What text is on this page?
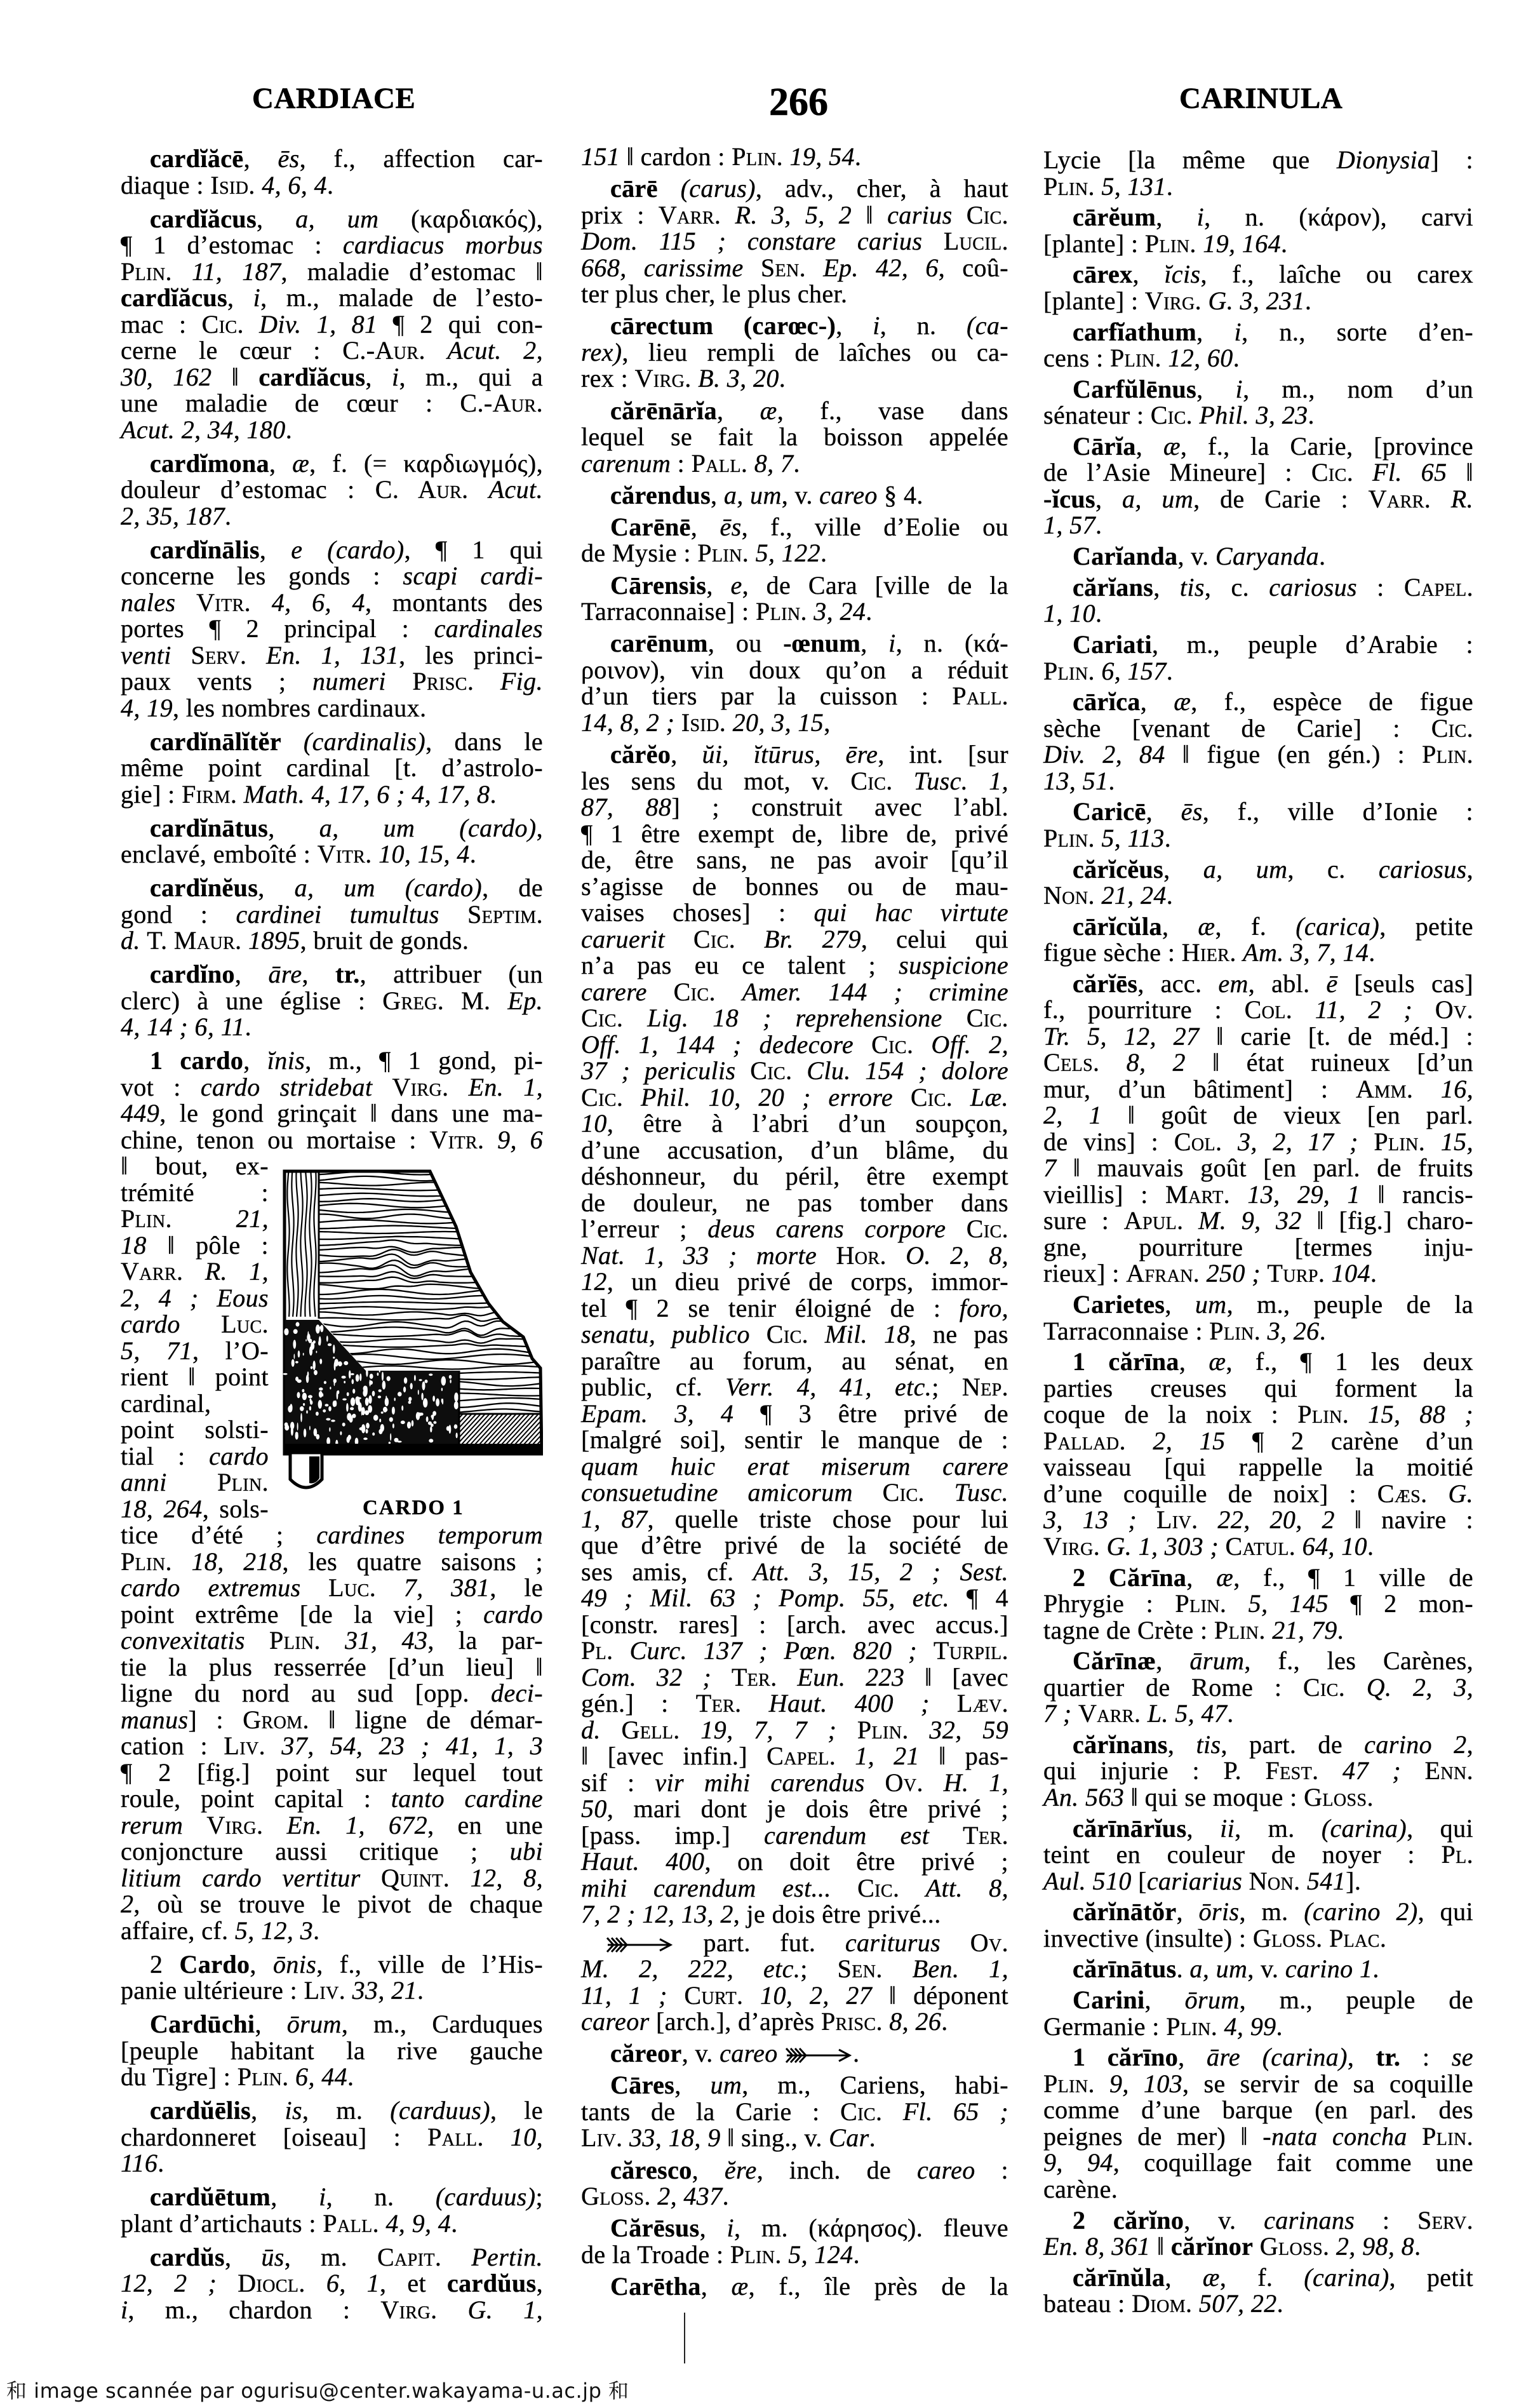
CARDIACE	266	CARINULA
cardĭăcē, ēs, f., affection car-
diaque : Isid. 4, 6, 4.
cardĭăcus, a, um (καρδιακός),
¶ 1 d’estomac : cardiacus morbus
Plin. 11, 187, maladie d’estomac ‖
cardĭăcus, i, m., malade de l’esto-
mac : Cic. Div. 1, 81 ¶ 2 qui con-
cerne le cœur : C.-Aur. Acut. 2,
30, 162 ‖ cardĭăcus, i, m., qui a
une maladie de cœur : C.-Aur.
Acut. 2, 34, 180.
cardĭmona, æ, f. (= καρδιωγμός),
douleur d’estomac : C. Aur. Acut.
2, 35, 187.
cardĭnālis, e (cardo), ¶ 1 qui
concerne les gonds : scapi cardi-
nales Vitr. 4, 6, 4, montants des
portes ¶ 2 principal : cardinales
venti Serv. En. 1, 131, les princi-
paux vents ; numeri Prisc. Fig.
4, 19, les nombres cardinaux.
cardĭnālĭtĕr (cardinalis), dans le
même point cardinal [t. d’astrolo-
gie] : Firm. Math. 4, 17, 6 ; 4, 17, 8.
cardĭnātus, a, um (cardo),
enclavé, emboîté : Vitr. 10, 15, 4.
cardĭnĕus, a, um (cardo), de
gond : cardinei tumultus Septim.
d. T. Maur. 1895, bruit de gonds.
cardĭno, āre, tr., attribuer (un
clerc) à une église : Greg. M. Ep.
4, 14 ; 6, 11.
1 cardo, ĭnis, m., ¶ 1 gond, pi-
vot : cardo stridebat Virg. En. 1,
449, le gond grinçait ‖ dans une ma-
chine, tenon ou mortaise : Vitr. 9, 6
CARDO 1
‖ bout, ex-
trémité :
Plin.	21,
18 ‖ pôle :
Varr. R. 1,
2, 4 ; Eous
cardo Luc.
5, 71, l’O-
rient ‖ point
cardinal,
point solsti-
tial : cardo
anni Plin.
18, 264, sols-
tice d’été ; cardines temporum
Plin. 18, 218, les quatre saisons ;
cardo extremus Luc. 7, 381, le
point extrême [de la vie] ; cardo
convexitatis Plin. 31, 43, la par-
tie la plus resserrée [d’un lieu] ‖
ligne du nord au sud [opp. deci-
manus] : Grom. ‖ ligne de démar-
cation : Liv. 37, 54, 23 ; 41, 1, 3
¶ 2 [fig.] point sur lequel tout
roule, point capital : tanto cardine
rerum Virg. En. 1, 672, en une
conjoncture aussi critique ; ubi
litium cardo vertitur Quint. 12, 8,
2, où se trouve le pivot de chaque
affaire, cf. 5, 12, 3.
2 Cardo, ōnis, f., ville de l’His-
panie ultérieure : Liv. 33, 21.
Cardūchi, ōrum, m., Carduques
[peuple habitant la rive gauche
du Tigre] : Plin. 6, 44.
cardŭēlis, is, m. (carduus), le
chardonneret [oiseau] : Pall. 10,
116.
cardŭētum, i, n. (carduus);
plant d’artichauts : Pall. 4, 9, 4.
cardŭs, ūs, m. Capit. Pertin.
12, 2 ; Diocl. 6, 1, et cardŭus,
i, m., chardon : Virg. G. 1,
151 ‖ cardon : Plin. 19, 54.
cārē (carus), adv., cher, à haut
prix : Varr. R. 3, 5, 2 ‖ carius Cic.
Dom. 115 ; constare carius Lucil.
668, carissime Sen. Ep. 42, 6, coû-
ter plus cher, le plus cher.
cārectum (carœc-), i, n. (ca-
rex), lieu rempli de laîches ou ca-
rex : Virg. B. 3, 20.
cărēnārĭa, æ, f., vase dans
lequel se fait la boisson appelée
carenum : Pall. 8, 7.
cărendus, a, um, v. careo § 4.
Carēnē, ēs, f., ville d’Eolie ou
de Mysie : Plin. 5, 122.
Cārensis, e, de Cara [ville de la
Tarraconnaise] : Plin. 3, 24.
carēnum, ou -œnum, i, n. (κά-
ροινον), vin doux qu’on a réduit
d’un tiers par la cuisson : Pall.
14, 8, 2 ; Isid. 20, 3, 15,
cărĕo, ŭi, ĭtūrus, ēre, int. [sur
les sens du mot, v. Cic. Tusc. 1,
87, 88] ; construit avec l’abl.
¶ 1 être exempt de, libre de, privé
de, être sans, ne pas avoir [qu’il
s’agisse de bonnes ou de mau-
vaises choses] : qui hac virtute
caruerit Cic. Br. 279, celui qui
n’a pas eu ce talent ; suspicione
carere Cic. Amer. 144 ; crimine
Cic. Lig. 18 ; reprehensione Cic.
Off. 1, 144 ; dedecore Cic. Off. 2,
37 ; periculis Cic. Clu. 154 ; dolore
Cic. Phil. 10, 20 ; errore Cic. Læ.
10, être à l’abri d’un soupçon,
d’une accusation, d’un blâme, du
déshonneur, du péril, être exempt
de douleur, ne pas tomber dans
l’erreur ; deus carens corpore Cic.
Nat. 1, 33 ; morte Hor. O. 2, 8,
12, un dieu privé de corps, immor-
tel ¶ 2 se tenir éloigné de : foro,
senatu, publico Cic. Mil. 18, ne pas
paraître au forum, au sénat, en
public, cf. Verr. 4, 41, etc.; Nep.
Epam. 3, 4 ¶ 3 être privé de
[malgré soi], sentir le manque de :
quam huic erat miserum carere
consuetudine amicorum Cic. Tusc.
1, 87, quelle triste chose pour lui
que d’être privé de la société de
ses amis, cf. Att. 3, 15, 2 ; Sest.
49 ; Mil. 63 ; Pomp. 55, etc. ¶ 4
[constr. rares] : [arch. avec accus.]
Pl. Curc. 137 ; Pœn. 820 ; Turpil.
Com. 32 ; Ter. Eun. 223 ‖ [avec
gén.] : Ter. Haut. 400 ; Læv.
d. Gell. 19, 7, 7 ; Plin. 32, 59
‖ [avec infin.] Capel. 1, 21 ‖ pas-
sif : vir mihi carendus Ov. H. 1,
50, mari dont je dois être privé ;
[pass. imp.] carendum est Ter.
Haut. 400, on doit être privé ;
mihi carendum est... Cic. Att. 8,
7, 2 ; 12, 13, 2, je dois être privé...
part. fut. cariturus Ov.
M. 2, 222, etc.; Sen. Ben. 1,
11, 1 ; Curt. 10, 2, 27 ‖ déponent
careor [arch.], d’après Prisc. 8, 26.
căreor, v. careo	.
Cāres, um, m., Cariens, habi-
tants de la Carie : Cic. Fl. 65 ;
Liv. 33, 18, 9 ‖ sing., v. Car.
căresco, ĕre, inch. de careo :
Gloss. 2, 437.
Cărēsus, i, m. (κάρησος). fleuve
de la Troade : Plin. 5, 124.
Carētha, æ, f., île près de la
Lycie [la même que Dionysia] :
Plin. 5, 131.
cārĕum, i, n. (κάρον), carvi
[plante] : Plin. 19, 164.
cārex, ĭcis, f., laîche ou carex
[plante] : Virg. G. 3, 231.
carfĭathum, i, n., sorte d’en-
cens : Plin. 12, 60.
Carfŭlēnus, i, m., nom d’un
sénateur : Cic. Phil. 3, 23.
Cārĭa, æ, f., la Carie, [province
de l’Asie Mineure] : Cic. Fl. 65 ‖
-ĭcus, a, um, de Carie : Varr. R.
1, 57.
Carĭanda, v. Caryanda.
cărĭans, tis, c. cariosus : Capel.
1, 10.
Cariati, m., peuple d’Arabie :
Plin. 6, 157.
cārĭca, æ, f., espèce de figue
sèche [venant de Carie] : Cic.
Div. 2, 84 ‖ figue (en gén.) : Plin.
13, 51.
Caricē, ēs, f., ville d’Ionie :
Plin. 5, 113.
cărĭcĕus, a, um, c. cariosus,
Non. 21, 24.
cārĭcŭla, æ, f. (carica), petite
figue sèche : Hier. Am. 3, 7, 14.
cărĭēs, acc. em, abl. ē [seuls cas]
f., pourriture : Col. 11, 2 ; Ov.
Tr. 5, 12, 27 ‖ carie [t. de méd.] :
Cels. 8, 2 ‖ état ruineux [d’un
mur, d’un bâtiment] : Amm. 16,
2, 1 ‖ goût de vieux [en parl.
de vins] : Col. 3, 2, 17 ; Plin. 15,
7 ‖ mauvais goût [en parl. de fruits
vieillis] : Mart. 13, 29, 1 ‖ rancis-
sure : Apul. M. 9, 32 ‖ [fig.] charo-
gne, pourriture [termes inju-
rieux] : Afran. 250 ; Turp. 104.
Carietes, um, m., peuple de la
Tarraconnaise : Plin. 3, 26.
1 cărīna, æ, f., ¶ 1 les deux
parties creuses qui forment la
coque de la noix : Plin. 15, 88 ;
Pallad. 2, 15 ¶ 2 carène d’un
vaisseau [qui rappelle la moitié
d’une coquille de noix] : Cæs. G.
3, 13 ; Liv. 22, 20, 2 ‖ navire :
Virg. G. 1, 303 ; Catul. 64, 10.
2 Cărīna, æ, f., ¶ 1 ville de
Phrygie : Plin. 5, 145 ¶ 2 mon-
tagne de Crète : Plin. 21, 79.
Cărīnæ, ārum, f., les Carènes,
quartier de Rome : Cic. Q. 2, 3,
7 ; Varr. L. 5, 47.
cărĭnans, tis, part. de carino 2,
qui injurie : P. Fest. 47 ; Enn.
An. 563 ‖ qui se moque : Gloss.
cărīnārĭus, ii, m. (carina), qui
teint en couleur de noyer : Pl.
Aul. 510 [cariarius Non. 541].
cărĭnātŏr, ōris, m. (carino 2), qui
invective (insulte) : Gloss. Plac.
cărīnātus. a, um, v. carino 1.
Carini, ōrum, m., peuple de
Germanie : Plin. 4, 99.
1 cărīno, āre (carina), tr. : se
Plin. 9, 103, se servir de sa coquille
comme d’une barque (en parl. des
peignes de mer) ‖ -nata concha Plin.
9, 94, coquillage fait comme une
carène.
2 cărĭno, v. carinans : Serv.
En. 8, 361 ‖ cărĭnor Gloss. 2, 98, 8.
cărīnŭla, æ, f. (carina), petit
bateau : Diom. 507, 22.
和 image scannée par ogurisu@center.wakayama-u.ac.jp 和
